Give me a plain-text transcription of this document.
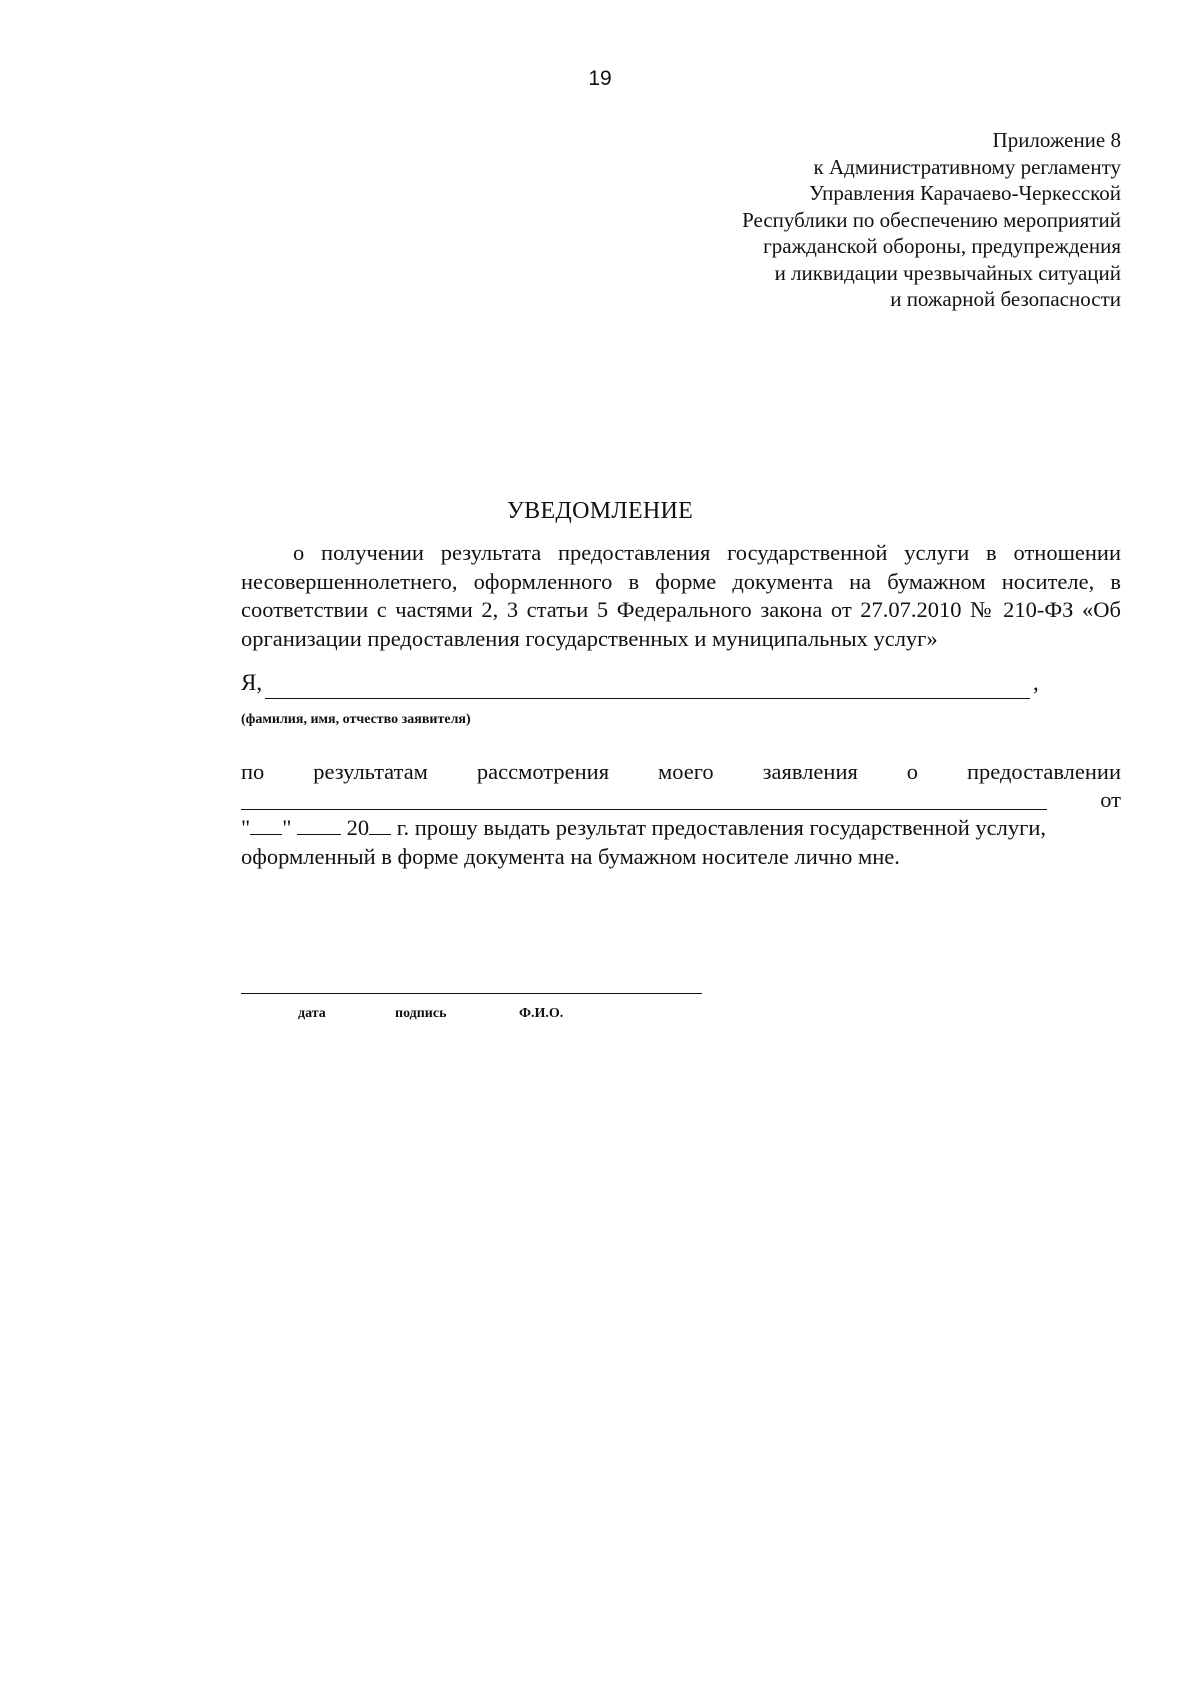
19
Приложение 8
к Административному регламенту
Управления Карачаево-Черкесской
Республики по обеспечению мероприятий
гражданской обороны, предупреждения
и ликвидации чрезвычайных ситуаций
и пожарной безопасности
УВЕДОМЛЕНИЕ
о получении результата предоставления государственной услуги в отношении несовершеннолетнего, оформленного в форме документа на бумажном носителе, в соответствии с частями 2, 3 статьи 5 Федерального закона от 27.07.2010 № 210-ФЗ «Об организации предоставления государственных и муниципальных услуг»
Я,	,
(фамилия, имя, отчество заявителя)
по результатам рассмотрения моего заявления о предоставлении
от
" " 20 г. прошу выдать результат предоставления государственной услуги,
оформленный в форме документа на бумажном носителе лично мне.
дата	подпись	Ф.И.О.
